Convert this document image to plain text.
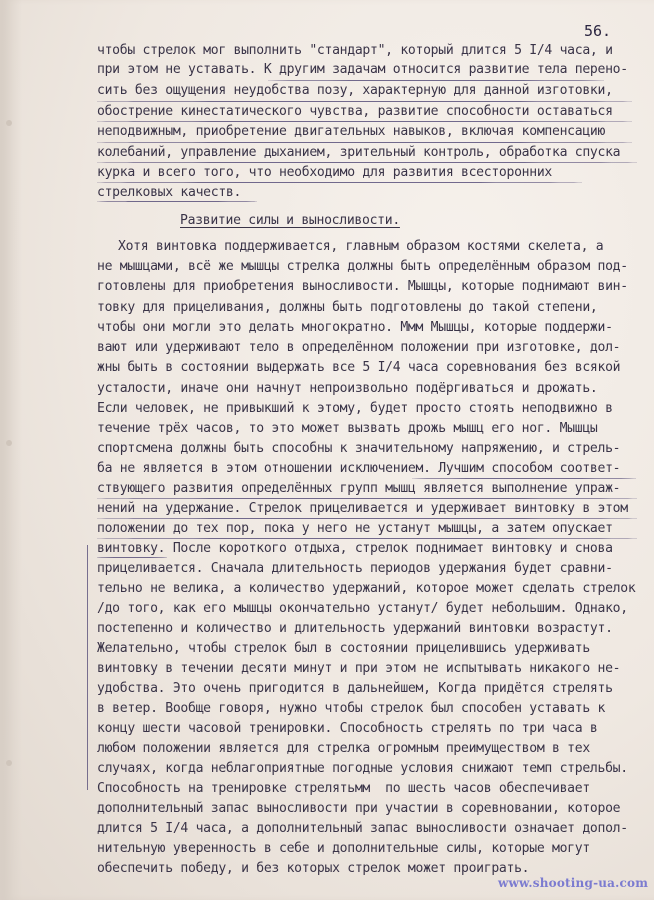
56.
чтобы стрелок мог выполнить "стандарт", который длится 5 I/4 часа, и
при этом не уставать. К другим задачам относится развитие тела перено-
сить без ощущения неудобства позу, характерную для данной изготовки,
обострение кинестатического чувства, развитие способности оставаться
неподвижным, приобретение двигательных навыков, включая компенсацию
колебаний, управление дыханием, зрительный контроль, обработка спуска
курка и всего того, что необходимо для развития всесторонних
стрелковых качеств.
Развитие силы и выносливости.
Хотя винтовка поддерживается, главным образом костями скелета, а
не мышцами, всё же мышцы стрелка должны быть определённым образом под-
готовлены для приобретения выносливости. Мышцы, которые поднимают вин-
товку для прицеливания, должны быть подготовлены до такой степени,
чтобы они могли это делать многократно. Ммм Мышцы, которые поддержи-
вают или удерживают тело в определённом положении при изготовке, дол-
жны быть в состоянии выдержать все 5 I/4 часа соревнования без всякой
усталости, иначе они начнут непроизвольно подёргиваться и дрожать.
Если человек, не привыкший к этому, будет просто стоять неподвижно в
течение трёх часов, то это может вызвать дрожь мышц его ног. Мышцы
спортсмена должны быть способны к значительному напряжению, и стрель-
ба не является в этом отношении исключением. Лучшим способом соответ-
ствующего развития определённых групп мышц является выполнение упраж-
нений на удержание. Стрелок прицеливается и удерживает винтовку в этом
положении до тех пор, пока у него не устанут мышцы, а затем опускает
винтовку. После короткого отдыха, стрелок поднимает винтовку и снова
прицеливается. Сначала длительность периодов удержания будет сравни-
тельно не велика, а количество удержаний, которое может сделать стрелок
/до того, как его мышцы окончательно устанут/ будет небольшим. Однако,
постепенно и количество и длительность удержаний винтовки возрастут.
Желательно, чтобы стрелок был в состоянии прицелившись удерживать
винтовку в течении десяти минут и при этом не испытывать никакого не-
удобства. Это очень пригодится в дальнейшем, Когда придётся стрелять
в ветер. Вообще говоря, нужно чтобы стрелок был способен уставать к
концу шести часовой тренировки. Способность стрелять по три часа в
любом положении является для стрелка огромным преимуществом в тех
случаях, когда неблагоприятные погодные условия снижают темп стрельбы.
Способность на тренировке стрелятьмм  по шесть часов обеспечивает
дополнительный запас выносливости при участии в соревновании, которое
длится 5 I/4 часа, а дополнительный запас выносливости означает допол-
нительную уверенность в себе и дополнительные силы, которые могут
обеспечить победу, и без которых стрелок может проиграть.
www.shooting-ua.com
